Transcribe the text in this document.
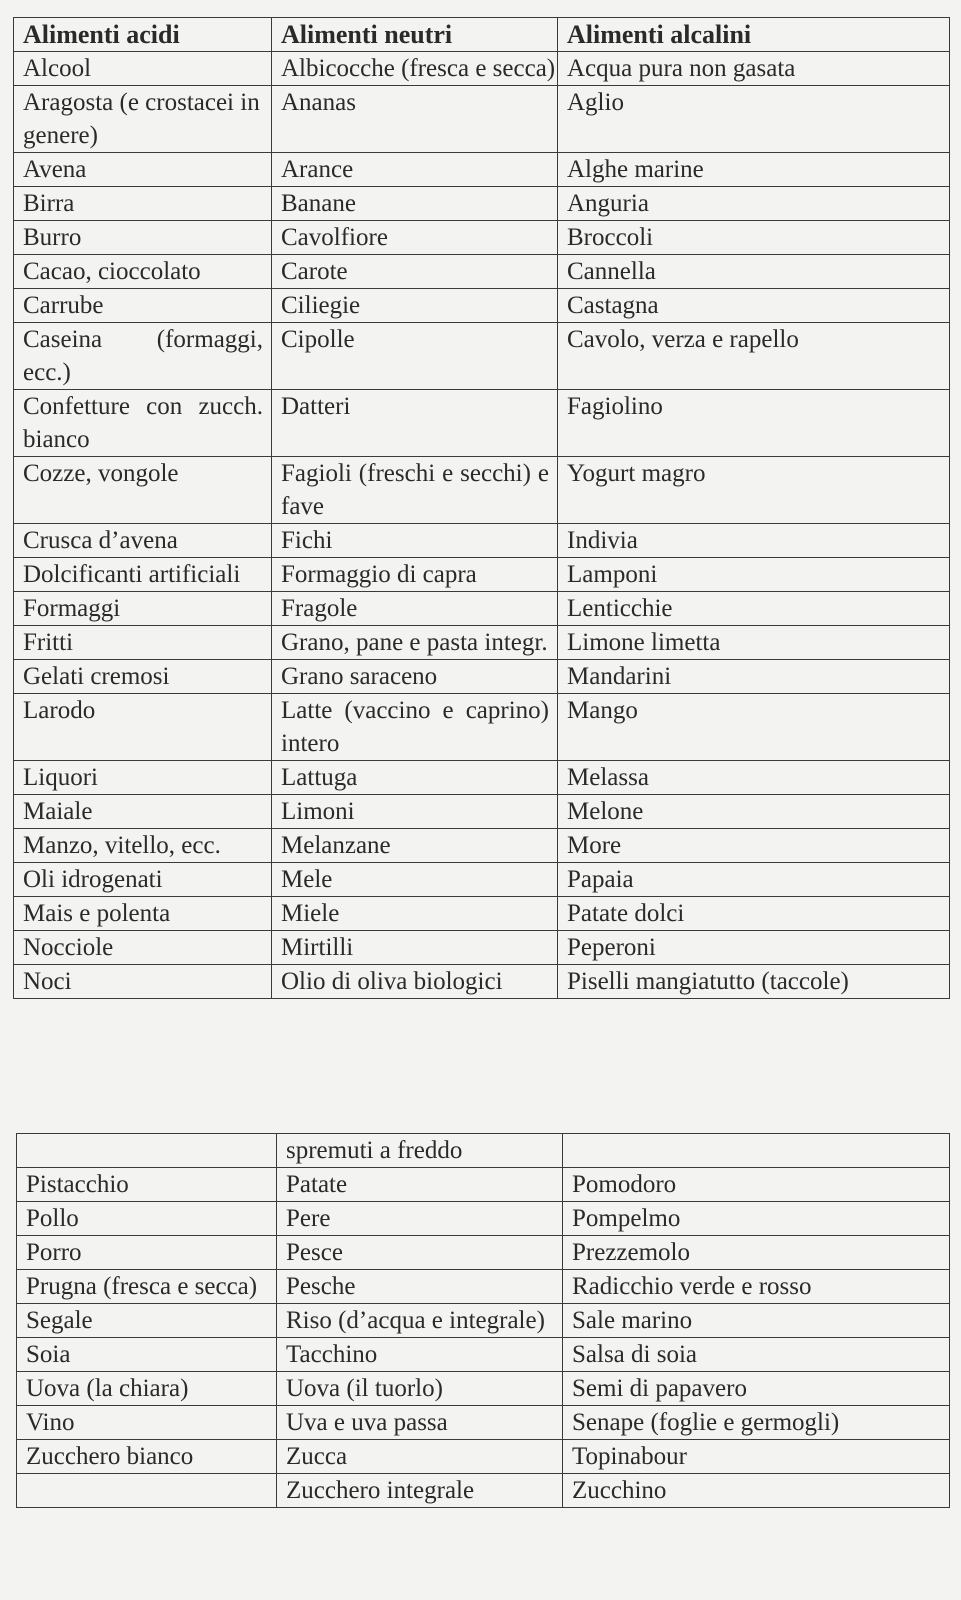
Alimenti acidi	Alimenti neutri	Alimenti alcalini
Alcool	Albicocche (fresca e secca)	Acqua pura non gasata
Aragosta (e crostacei in genere)	Ananas	Aglio
Avena	Arance	Alghe marine
Birra	Banane	Anguria
Burro	Cavolfiore	Broccoli
Cacao, cioccolato	Carote	Cannella
Carrube	Ciliegie	Castagna
Caseina (formaggi, ecc.)	Cipolle	Cavolo, verza e rapello
Confetture con zucch. bianco	Datteri	Fagiolino
Cozze, vongole	Fagioli (freschi e secchi) e fave	Yogurt magro
Crusca d’avena	Fichi	Indivia
Dolcificanti artificiali	Formaggio di capra	Lamponi
Formaggi	Fragole	Lenticchie
Fritti	Grano, pane e pasta integr.	Limone limetta
Gelati cremosi	Grano saraceno	Mandarini
Larodo	Latte (vaccino e caprino) intero	Mango
Liquori	Lattuga	Melassa
Maiale	Limoni	Melone
Manzo, vitello, ecc.	Melanzane	More
Oli idrogenati	Mele	Papaia
Mais e polenta	Miele	Patate dolci
Nocciole	Mirtilli	Peperoni
Noci	Olio di oliva biologici	Piselli mangiatutto (taccole)
	spremuti a freddo	
Pistacchio	Patate	Pomodoro
Pollo	Pere	Pompelmo
Porro	Pesce	Prezzemolo
Prugna (fresca e secca)	Pesche	Radicchio verde e rosso
Segale	Riso (d’acqua e integrale)	Sale marino
Soia	Tacchino	Salsa di soia
Uova (la chiara)	Uova (il tuorlo)	Semi di papavero
Vino	Uva e uva passa	Senape (foglie e germogli)
Zucchero bianco	Zucca	Topinabour
	Zucchero integrale	Zucchino
